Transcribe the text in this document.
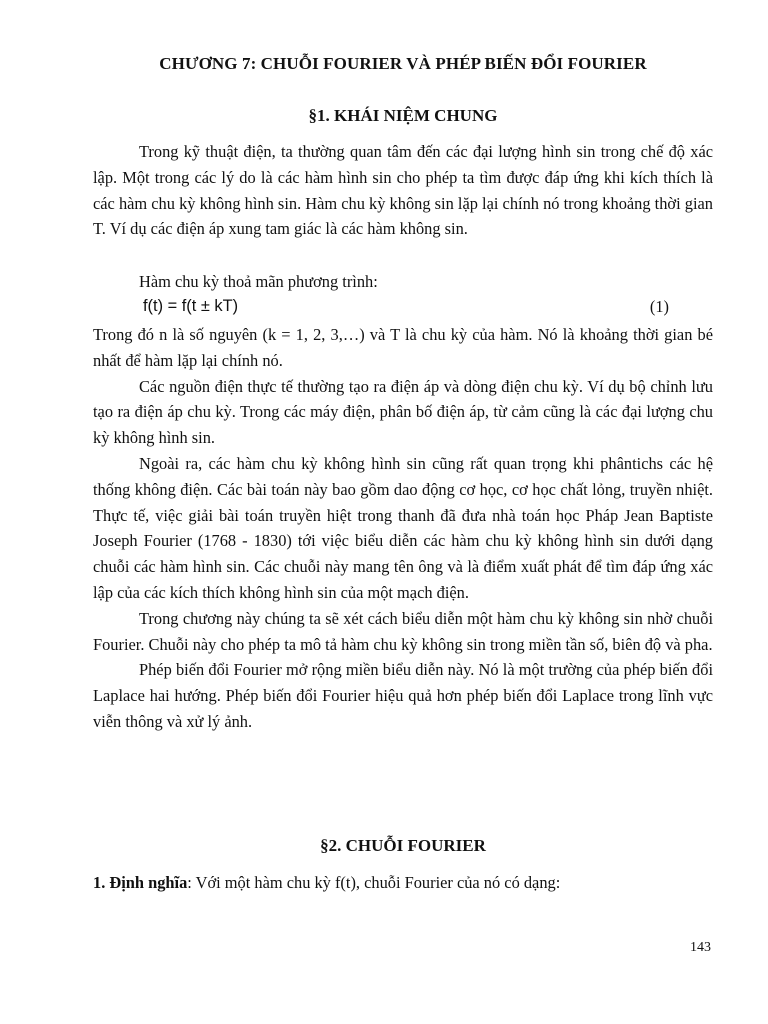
CHƯƠNG 7: CHUỖI FOURIER VÀ PHÉP BIẾN ĐỔI FOURIER
§1. KHÁI NIỆM CHUNG

Trong kỹ thuật điện, ta thường quan tâm đến các đại lượng hình sin trong chế độ xác lập. Một trong các lý do là các hàm hình sin cho phép ta tìm được đáp ứng khi kích thích là các hàm chu kỳ không hình sin. Hàm chu kỳ không sin lặp lại chính nó trong khoảng thời gian T. Ví dụ các điện áp xung tam giác là các hàm không sin.

Hàm chu kỳ thoả mãn phương trình:
f(t) = f(t ± kT)	(1)

Trong đó n là số nguyên (k = 1, 2, 3,…) và T là chu kỳ của hàm. Nó là khoảng thời gian bé nhất để hàm lặp lại chính nó.

Các nguồn điện thực tế thường tạo ra điện áp và dòng điện chu kỳ. Ví dụ bộ chỉnh lưu tạo ra điện áp chu kỳ. Trong các máy điện, phân bố điện áp, từ cảm cũng là các đại lượng chu kỳ không hình sin.

Ngoài ra, các hàm chu kỳ không hình sin cũng rất quan trọng khi phântichs các hệ thống không điện. Các bài toán này bao gồm dao động cơ học, cơ học chất lỏng, truyền nhiệt. Thực tế, việc giải bài toán truyền hiệt trong thanh đã đưa nhà toán học Pháp Jean Baptiste Joseph Fourier (1768 - 1830) tới việc biểu diễn các hàm chu kỳ không hình sin dưới dạng chuỗi các hàm hình sin. Các chuỗi này mang tên ông và là điểm xuất phát để tìm đáp ứng xác lập của các kích thích không hình sin của một mạch điện.

Trong chương này chúng ta sẽ xét cách biểu diễn một hàm chu kỳ không sin nhờ chuỗi Fourier. Chuỗi này cho phép ta mô tả hàm chu kỳ không sin trong miền tần số, biên độ và pha.

Phép biến đổi Fourier mở rộng miền biểu diễn này. Nó là một trường của phép biến đổi Laplace hai hướng. Phép biến đổi Fourier hiệu quả hơn phép biến đổi Laplace trong lĩnh vực viễn thông và xử lý ảnh.

§2. CHUỖI FOURIER
1. Định nghĩa: Với một hàm chu kỳ f(t), chuỗi Fourier của nó có dạng:
143
